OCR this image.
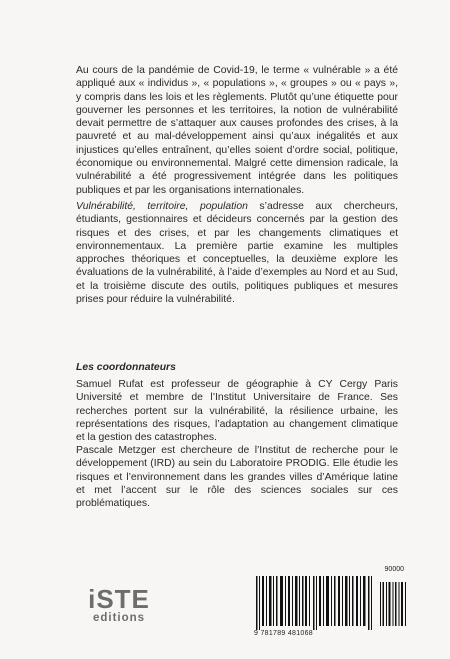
Au cours de la pandémie de Covid-19, le terme « vulnérable » a été appliqué aux « individus », « populations », « groupes » ou « pays », y compris dans les lois et les règlements. Plutôt qu’une étiquette pour gouverner les personnes et les territoires, la notion de vulnérabilité devait permettre de s’attaquer aux causes profondes des crises, à la pauvreté et au mal-développement ainsi qu’aux inégalités et aux injustices qu’elles entraînent, qu’elles soient d’ordre social, politique, économique ou environnemental. Malgré cette dimension radicale, la vulnérabilité a été progressivement intégrée dans les politiques publiques et par les organisations internationales.

Vulnérabilité, territoire, population s’adresse aux chercheurs, étudiants, gestionnaires et décideurs concernés par la gestion des risques et des crises, et par les changements climatiques et environnementaux. La première partie examine les multiples approches théoriques et conceptuelles, la deuxième explore les évaluations de la vulnérabilité, à l’aide d’exemples au Nord et au Sud, et la troisième discute des outils, politiques publiques et mesures prises pour réduire la vulnérabilité.

Les coordonnateurs

Samuel Rufat est professeur de géographie à CY Cergy Paris Université et membre de l’Institut Universitaire de France. Ses recherches portent sur la vulnérabilité, la résilience urbaine, les représentations des risques, l’adaptation au changement climatique et la gestion des catastrophes.

Pascale Metzger est chercheure de l’Institut de recherche pour le développement (IRD) au sein du Laboratoire PRODIG. Elle étudie les risques et l’environnement dans les grandes villes d’Amérique latine et met l’accent sur le rôle des sciences sociales sur ces problématiques.

iSTE
editions
90000
9 781789 481068
